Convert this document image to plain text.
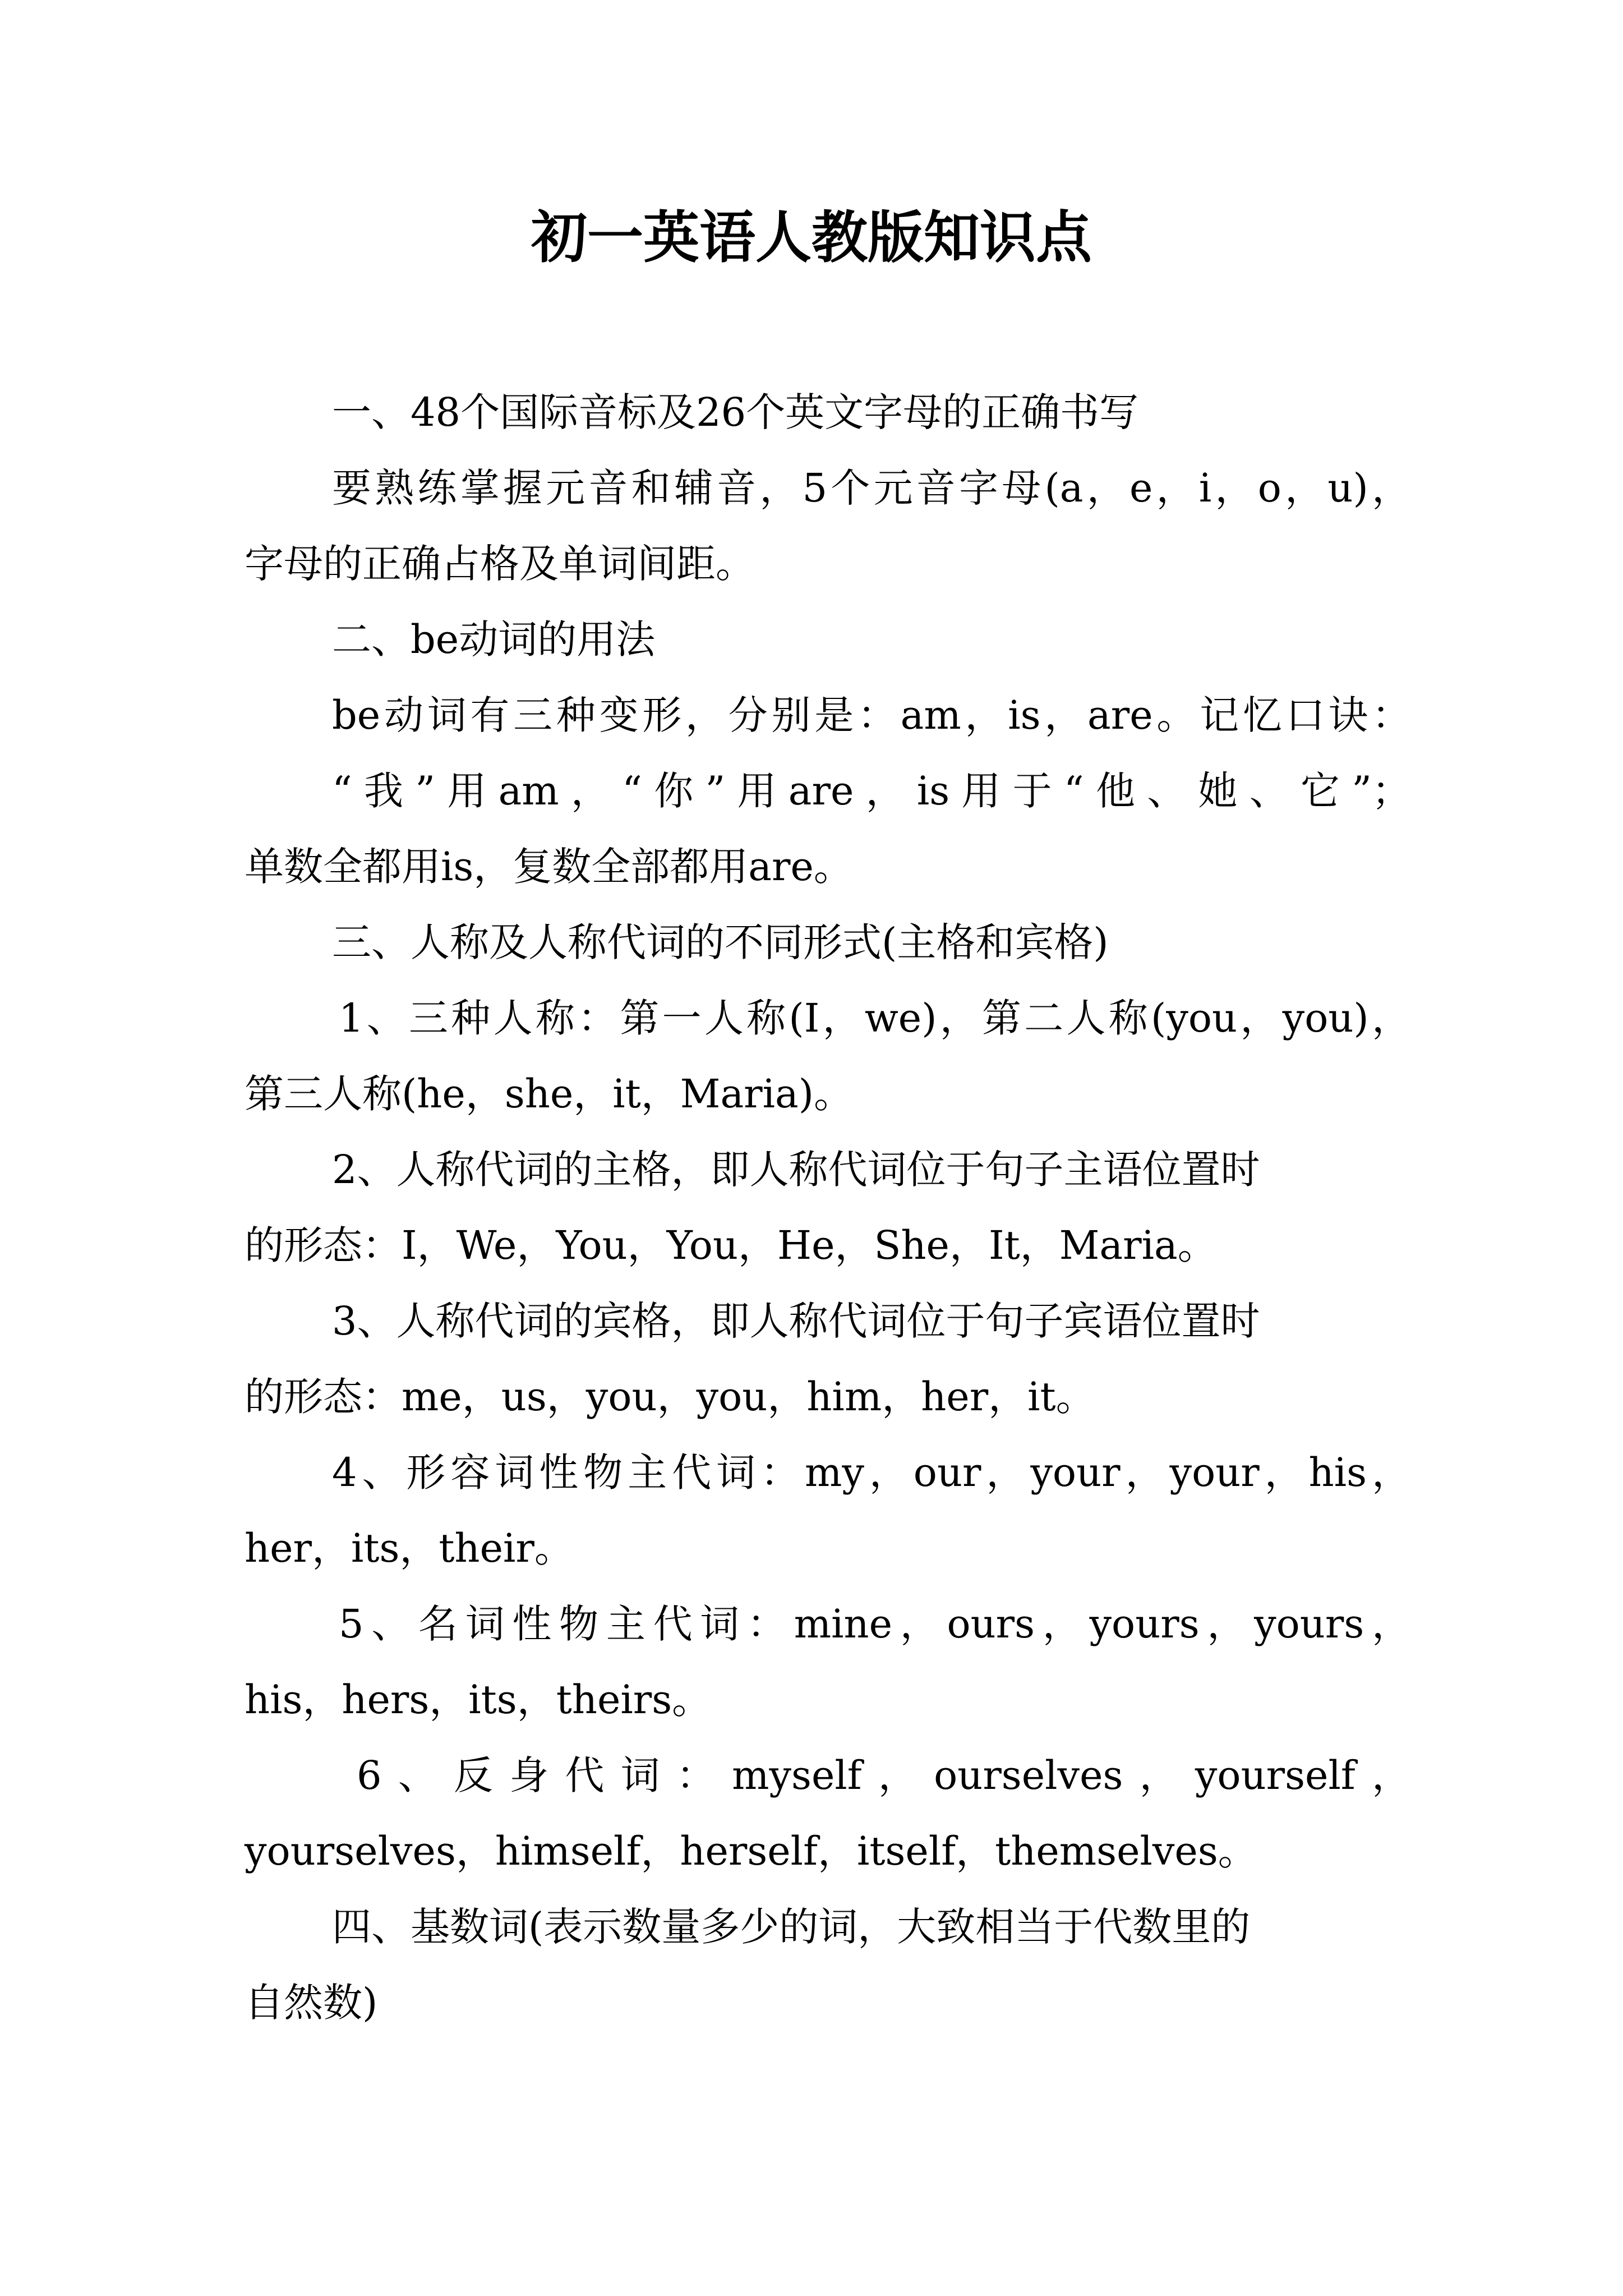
初一英语人教版知识点
一、48个国际音标及26个英文字母的正确书写
要熟练掌握元音和辅音，5个元音字母(a，e，i，o，u)，
字母的正确占格及单词间距。
二、be动词的用法
be动词有三种变形，分别是：am，is，are。记忆口诀：
“我”用am，“你”用are，is用于“他、她、它”；
单数全都用is，复数全部都用are。
三、人称及人称代词的不同形式(主格和宾格)
1、三种人称：第一人称(I，we)，第二人称(you，you)，
第三人称(he，she，it，Maria)。
2、人称代词的主格，即人称代词位于句子主语位置时
的形态：I，We，You，You，He，She，It，Maria。
3、人称代词的宾格，即人称代词位于句子宾语位置时
的形态：me，us，you，you，him，her，it。
4、形容词性物主代词：my，our，your，your，his，
her，its，their。
5、名词性物主代词：mine，ours，yours，yours，
his，hers，its，theirs。
6、反身代词：myself，ourselves，yourself，
yourselves，himself，herself，itself，themselves。
四、基数词(表示数量多少的词，大致相当于代数里的
自然数)
